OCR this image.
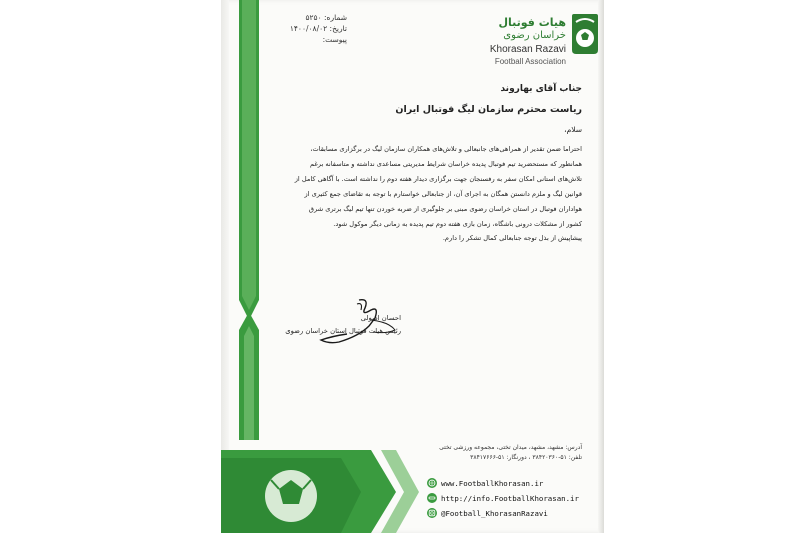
هیات فوتبال
خراسان رضوی
Khorasan Razavi
Football Association
شماره: ۵۲۵۰
تاریخ: ۱۴۰۰/۰۸/۰۲
پیوست:
جناب آقای بهاروند
ریاست محترم سازمان لیگ فوتبال ایران
سلام،

احتراما ضمن تقدیر از همراهی‌های جانبعالی و تلاش‌های همکاران سازمان لیگ در برگزاری مسابقات،

همانطور که مستحضرید تیم فوتبال پدیده خراسان شرایط مدیریتی مساعدی نداشته و متاسفانه برغم

تلاش‌های استانی امکان سفر به رفسنجان جهت برگزاری دیدار هفته دوم را نداشته است. با آگاهی کامل از

قوانین لیگ و ملزم دانستن همگان به اجرای آن، از جنابعالی خواستارم با توجه به تقاضای جمع کثیری از

هواداران فوتبال در استان خراسان رضوی مبنی بر جلوگیری از ضربه خوردن تنها تیم لیگ برتری شرق

کشور از مشکلات درونی باشگاه، زمان بازی هفته دوم تیم پدیده به زمانی دیگر موکول شود.

پیشاپیش از بذل توجه جنابعالی کمال تشکر را دارم.

احسان اصولی
رئیس هیات فوتبال استان خراسان رضوی
آدرس: مشهد، مشهد، میدان تختی، مجموعه ورزشی تختی
تلفن: ۵۱-۳۸۴۲۰۳۶۰ ، دورنگار: ۵۱-۳۸۴۱۷۶۶۶
www.FootballKhorasan.ir
http://info.FootballKhorasan.ir
@Football_KhorasanRazavi
